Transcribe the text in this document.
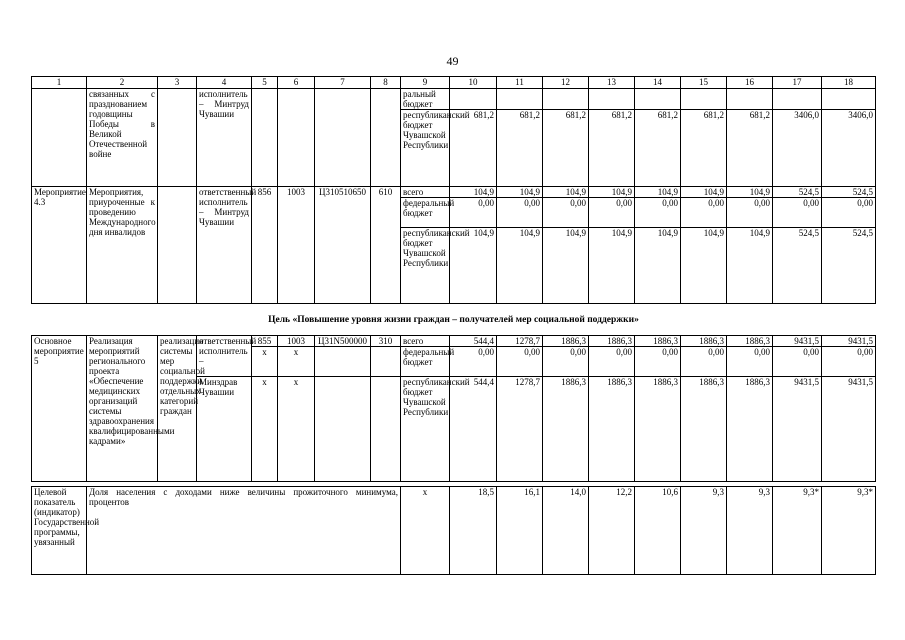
49
1	2	3	4	5	6	7	8	9	10	11	12	13	14	15	16	17	18
	связанных с празднованием годовщины Победы в Великой Отечественной войне		исполнитель – Минтруд Чувашии					ральный бюджет									
								республиканский бюджет Чувашской Республики	681,2	681,2	681,2	681,2	681,2	681,2	681,2	3406,0	3406,0
Мероприятие 4.3	Мероприятия, приуроченные к проведению Международного дня инвалидов		ответственный исполнитель – Минтруд Чувашии	856	1003	Ц310510650	610	всего	104,9	104,9	104,9	104,9	104,9	104,9	104,9	524,5	524,5
								федеральный бюджет	0,00	0,00	0,00	0,00	0,00	0,00	0,00	0,00	0,00
								республиканский бюджет Чувашской Республики	104,9	104,9	104,9	104,9	104,9	104,9	104,9	524,5	524,5
Цель «Повышение уровня жизни граждан – получателей мер социальной поддержки»																	
Основное мероприятие 5	Реализация мероприятий регионального проекта «Обеспечение медицинских организаций системы здравоохранения квалифицированными кадрами»	реализация системы мер социальной поддержки отдельных категорий граждан	ответственный исполнитель –	855	1003	Ц31N500000	310	всего	544,4	1278,7	1886,3	1886,3	1886,3	1886,3	1886,3	9431,5	9431,5
				x	x			федеральный бюджет	0,00	0,00	0,00	0,00	0,00	0,00	0,00	0,00	0,00
			Минздрав Чувашии	x	x			республиканский бюджет Чувашской Республики	544,4	1278,7	1886,3	1886,3	1886,3	1886,3	1886,3	9431,5	9431,5

Целевой показатель (индикатор) Государственной программы, увязанный	Доля населения с доходами ниже величины прожиточного минимума, процентов							x	18,5	16,1	14,0	12,2	10,6	9,3	9,3	9,3*	9,3*
